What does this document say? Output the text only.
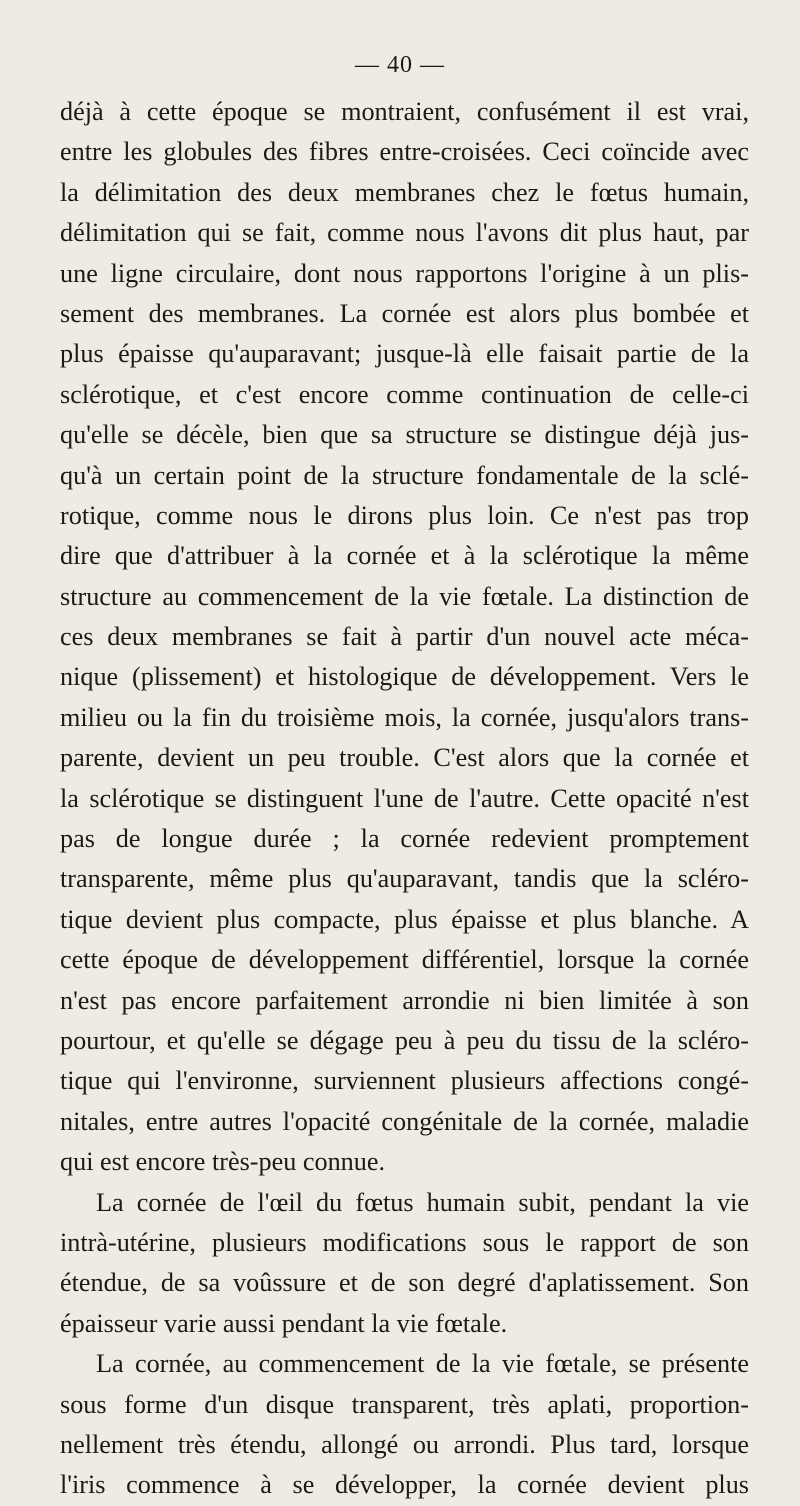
— 40 —
déjà à cette époque se montraient, confusément il est vrai,
entre les globules des fibres entre-croisées. Ceci coïncide avec
la délimitation des deux membranes chez le fœtus humain,
délimitation qui se fait, comme nous l'avons dit plus haut, par
une ligne circulaire, dont nous rapportons l'origine à un plis-
sement des membranes. La cornée est alors plus bombée et
plus épaisse qu'auparavant; jusque-là elle faisait partie de la
sclérotique, et c'est encore comme continuation de celle-ci
qu'elle se décèle, bien que sa structure se distingue déjà jus-
qu'à un certain point de la structure fondamentale de la sclé-
rotique, comme nous le dirons plus loin. Ce n'est pas trop
dire que d'attribuer à la cornée et à la sclérotique la même
structure au commencement de la vie fœtale. La distinction de
ces deux membranes se fait à partir d'un nouvel acte méca-
nique (plissement) et histologique de développement. Vers le
milieu ou la fin du troisième mois, la cornée, jusqu'alors trans-
parente, devient un peu trouble. C'est alors que la cornée et
la sclérotique se distinguent l'une de l'autre. Cette opacité n'est
pas de longue durée ; la cornée redevient promptement
transparente, même plus qu'auparavant, tandis que la scléro-
tique devient plus compacte, plus épaisse et plus blanche. A
cette époque de développement différentiel, lorsque la cornée
n'est pas encore parfaitement arrondie ni bien limitée à son
pourtour, et qu'elle se dégage peu à peu du tissu de la scléro-
tique qui l'environne, surviennent plusieurs affections congé-
nitales, entre autres l'opacité congénitale de la cornée, maladie
qui est encore très-peu connue.
La cornée de l'œil du fœtus humain subit, pendant la vie
intrà-utérine, plusieurs modifications sous le rapport de son
étendue, de sa voûssure et de son degré d'aplatissement. Son
épaisseur varie aussi pendant la vie fœtale.
La cornée, au commencement de la vie fœtale, se présente
sous forme d'un disque transparent, très aplati, proportion-
nellement très étendu, allongé ou arrondi. Plus tard, lorsque
l'iris commence à se développer, la cornée devient plus
